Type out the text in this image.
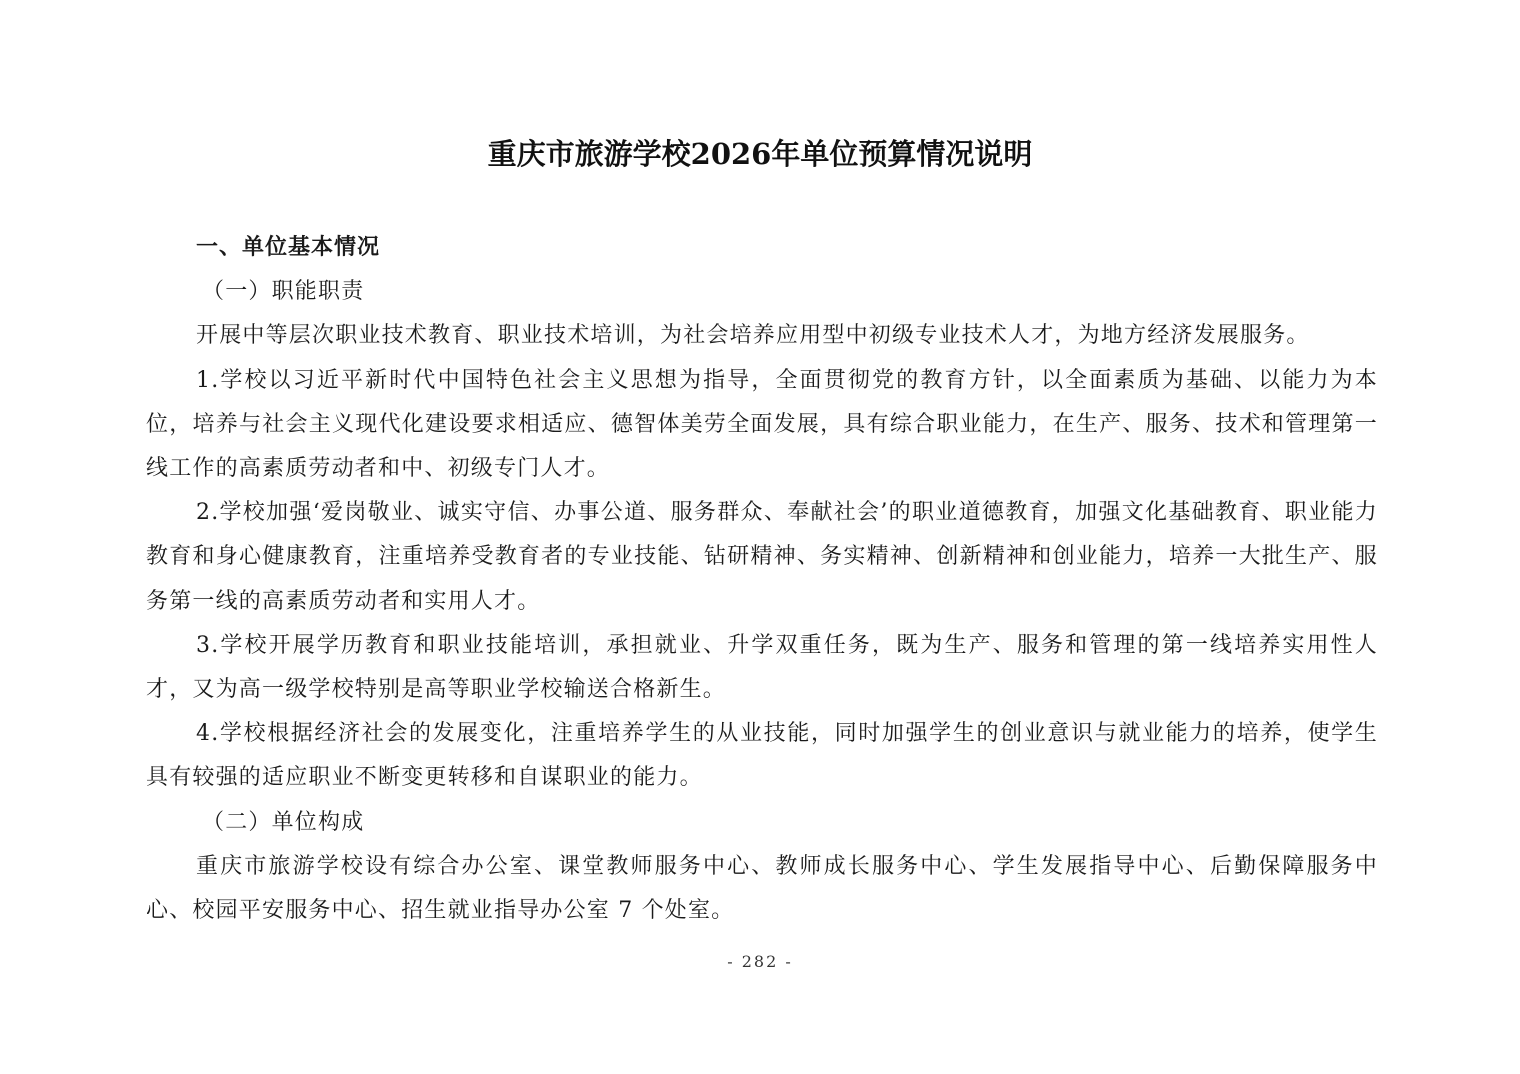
重庆市旅游学校2026年单位预算情况说明

一、单位基本情况

（一）职能职责

开展中等层次职业技术教育、职业技术培训，为社会培养应用型中初级专业技术人才，为地方经济发展服务。

1.学校以习近平新时代中国特色社会主义思想为指导，全面贯彻党的教育方针，以全面素质为基础、以能力为本位，培养与社会主义现代化建设要求相适应、德智体美劳全面发展，具有综合职业能力，在生产、服务、技术和管理第一线工作的高素质劳动者和中、初级专门人才。

2.学校加强‘爱岗敬业、诚实守信、办事公道、服务群众、奉献社会’的职业道德教育，加强文化基础教育、职业能力教育和身心健康教育，注重培养受教育者的专业技能、钻研精神、务实精神、创新精神和创业能力，培养一大批生产、服务第一线的高素质劳动者和实用人才。

3.学校开展学历教育和职业技能培训，承担就业、升学双重任务，既为生产、服务和管理的第一线培养实用性人才，又为高一级学校特别是高等职业学校输送合格新生。

4.学校根据经济社会的发展变化，注重培养学生的从业技能，同时加强学生的创业意识与就业能力的培养，使学生具有较强的适应职业不断变更转移和自谋职业的能力。

（二）单位构成

重庆市旅游学校设有综合办公室、课堂教师服务中心、教师成长服务中心、学生发展指导中心、后勤保障服务中心、校园平安服务中心、招生就业指导办公室 7 个处室。

- 282 -
